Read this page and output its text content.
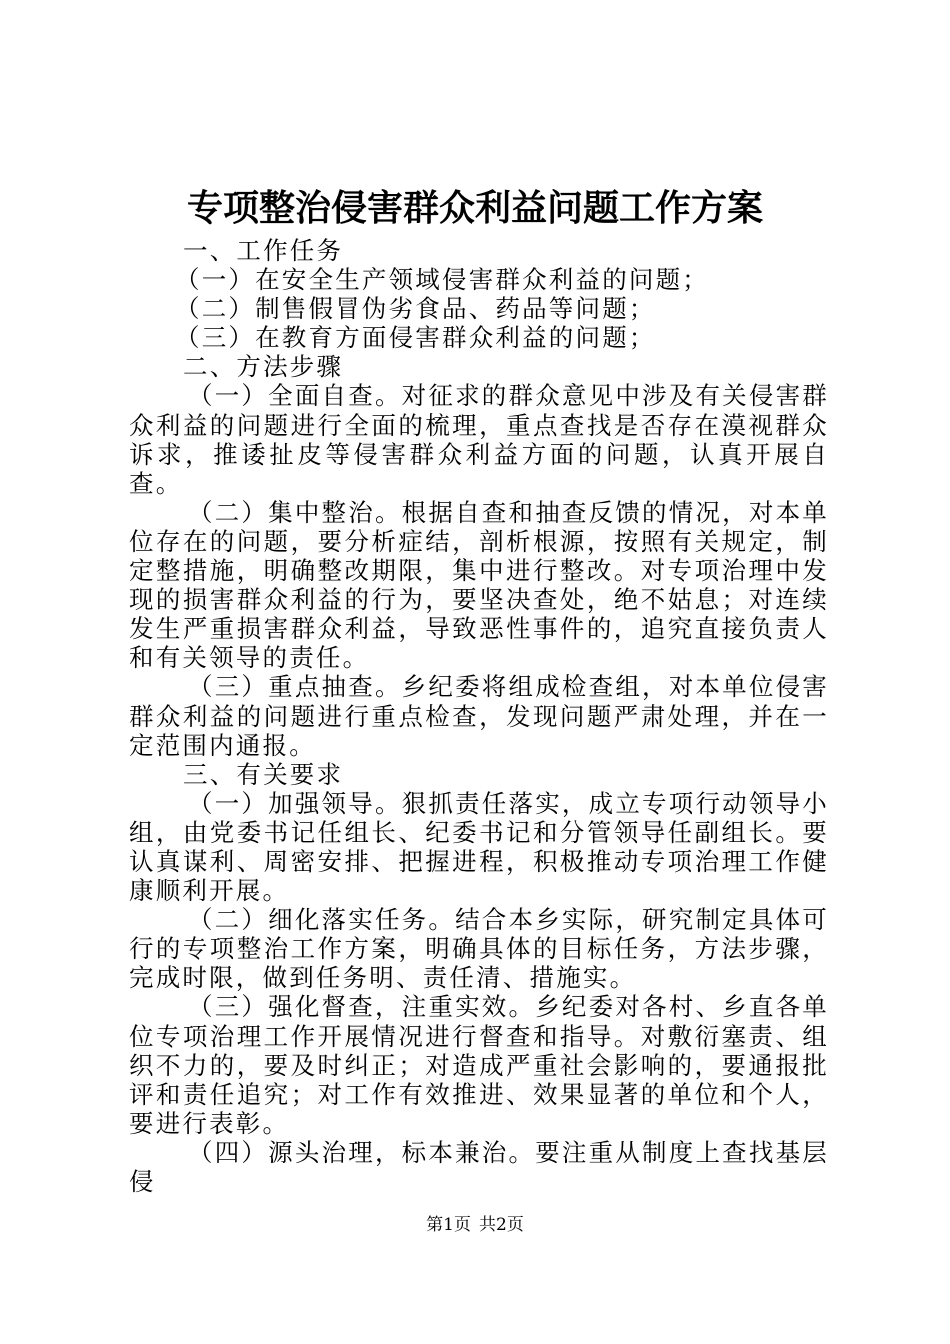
专项整治侵害群众利益问题工作方案

一、工作任务

（一）在安全生产领域侵害群众利益的问题；

（二）制售假冒伪劣食品、药品等问题；

（三）在教育方面侵害群众利益的问题；

二、方法步骤

（一）全面自查。对征求的群众意见中涉及有关侵害群众利益的问题进行全面的梳理，重点查找是否存在漠视群众诉求，推诿扯皮等侵害群众利益方面的问题，认真开展自查。

（二）集中整治。根据自查和抽查反馈的情况，对本单位存在的问题，要分析症结，剖析根源，按照有关规定，制定整措施，明确整改期限，集中进行整改。对专项治理中发现的损害群众利益的行为，要坚决查处，绝不姑息；对连续发生严重损害群众利益，导致恶性事件的，追究直接负责人和有关领导的责任。

（三）重点抽查。乡纪委将组成检查组，对本单位侵害群众利益的问题进行重点检查，发现问题严肃处理，并在一定范围内通报。

三、有关要求

（一）加强领导。狠抓责任落实，成立专项行动领导小组，由党委书记任组长、纪委书记和分管领导任副组长。要认真谋利、周密安排、把握进程，积极推动专项治理工作健康顺利开展。

（二）细化落实任务。结合本乡实际，研究制定具体可行的专项整治工作方案，明确具体的目标任务，方法步骤，完成时限，做到任务明、责任清、措施实。

（三）强化督查，注重实效。乡纪委对各村、乡直各单位专项治理工作开展情况进行督查和指导。对敷衍塞责、组织不力的，要及时纠正；对造成严重社会影响的，要通报批评和责任追究；对工作有效推进、效果显著的单位和个人，要进行表彰。

（四）源头治理，标本兼治。要注重从制度上查找基层侵

第1页 共2页
